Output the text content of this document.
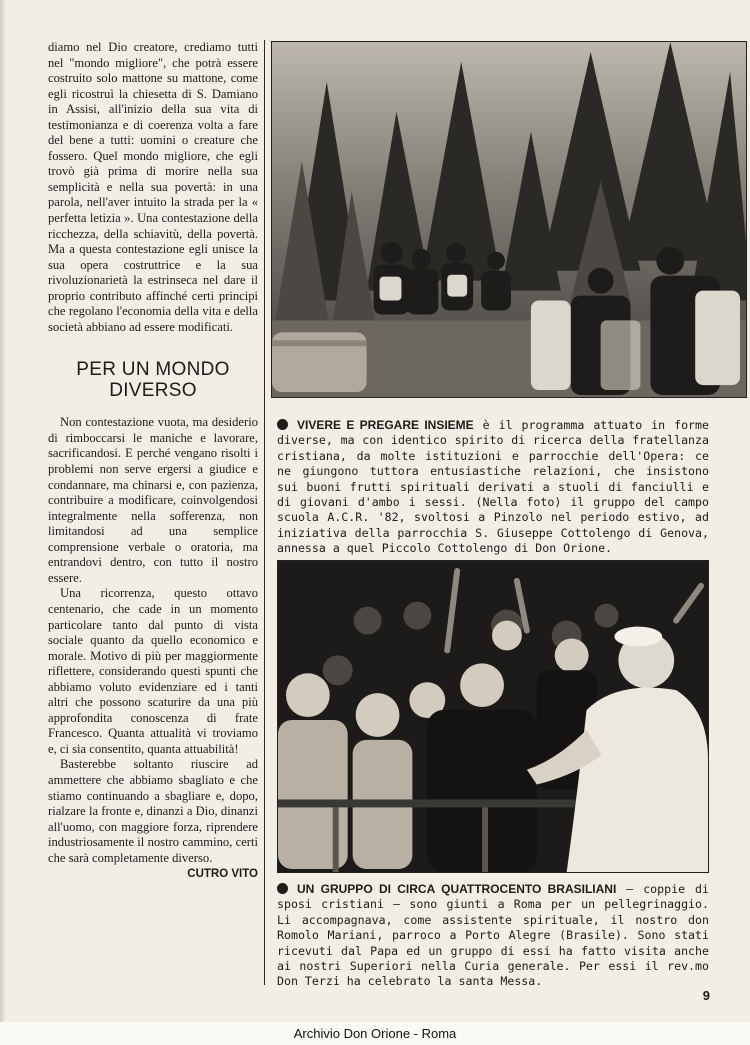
diamo nel Dio creatore, crediamo tutti nel "mondo migliore", che potrà essere costruito solo mattone su mattone, come egli ricostruì la chiesetta di S. Damiano in Assisi, all'inizio della sua vita di testimonianza e di coerenza volta a fare del bene a tutti: uomini o creature che fossero. Quel mondo migliore, che egli trovò già prima di morire nella sua semplicità e nella sua povertà: in una parola, nell'aver intuito la strada per la « perfetta letizia ». Una contestazione della ricchezza, della schiavitù, della povertà. Ma a questa contestazione egli unisce la sua opera costruttrice e la sua rivoluzionarietà la estrinseca nel dare il proprio contributo affinché certi principi che regolano l'economia della vita e della società abbiano ad essere modificati.

PER UN MONDO DIVERSO

Non contestazione vuota, ma desiderio di rimboccarsi le maniche e lavorare, sacrificandosi. E perché vengano risolti i problemi non serve ergersi a giudice e condannare, ma chinarsi e, con pazienza, contribuire a modificare, coinvolgendosi integralmente nella sofferenza, non limitandosi ad una semplice comprensione verbale o oratoria, ma entrandovi dentro, con tutto il nostro essere.

Una ricorrenza, questo ottavo centenario, che cade in un momento particolare tanto dal punto di vista sociale quanto da quello economico e morale. Motivo di più per maggiormente riflettere, considerando questi spunti che abbiamo voluto evidenziare ed i tanti altri che possono scaturire da una più approfondita conoscenza di frate Francesco. Quanta attualità vi troviamo e, ci sia consentito, quanta attuabilità!

Basterebbe soltanto riuscire ad ammettere che abbiamo sbagliato e che stiamo continuando a sbagliare e, dopo, rialzare la fronte e, dinanzi a Dio, dinanzi all'uomo, con maggiore forza, riprendere industriosamente il nostro cammino, certi che sarà completamente diverso.

CUTRO VITO
VIVERE E PREGARE INSIEME è il programma attuato in forme diverse, ma con identico spirito di ricerca della fratellanza cristiana, da molte istituzioni e parrocchie dell'Opera: ce ne giungono tuttora entusiastiche relazioni, che insistono sui buoni frutti spirituali derivati a stuoli di fanciulli e di giovani d'ambo i sessi. (Nella foto) il gruppo del campo scuola A.C.R. '82, svoltosi a Pinzolo nel periodo estivo, ad iniziativa della parrocchia S. Giuseppe Cottolengo di Genova, annessa a quel Piccolo Cottolengo di Don Orione.
UN GRUPPO DI CIRCA QUATTROCENTO BRASILIANI — coppie di sposi cristiani — sono giunti a Roma per un pellegrinaggio. Li accompagnava, come assistente spirituale, il nostro don Romolo Mariani, parroco a Porto Alegre (Brasile). Sono stati ricevuti dal Papa ed un gruppo di essi ha fatto visita anche ai nostri Superiori nella Curia generale. Per essi il rev.mo Don Terzi ha celebrato la santa Messa.
9
Archivio Don Orione - Roma
